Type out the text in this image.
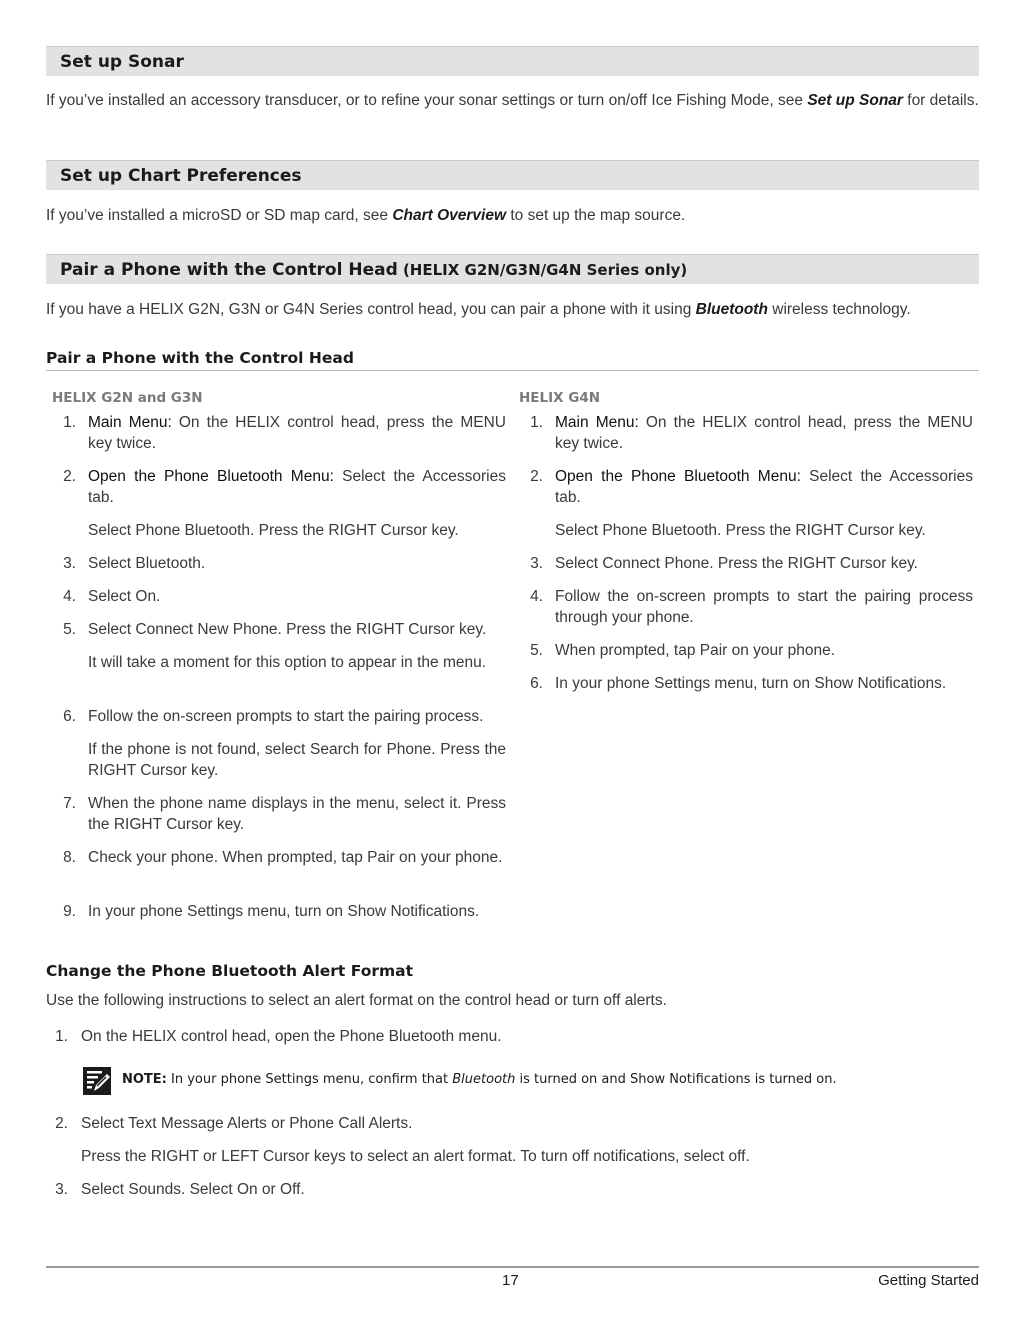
Set up Sonar
If you’ve installed an accessory transducer, or to refine your sonar settings or turn on/off Ice Fishing Mode, see Set up Sonar for details.
Set up Chart Preferences
If you’ve installed a microSD or SD map card, see Chart Overview to set up the map source.
Pair a Phone with the Control Head (HELIX G2N/G3N/G4N Series only)
If you have a HELIX G2N, G3N or G4N Series control head, you can pair a phone with it using Bluetooth wireless technology.
Pair a Phone with the Control Head
HELIX G2N and G3N	HELIX G4N
1. Main Menu: On the HELIX control head, press the MENU key twice.
2. Open the Phone Bluetooth Menu: Select the Accessories tab.
Select Phone Bluetooth. Press the RIGHT Cursor key.
3. Select Bluetooth.
4. Select On.
5. Select Connect New Phone. Press the RIGHT Cursor key.
It will take a moment for this option to appear in the menu.
6. Follow the on-screen prompts to start the pairing process.
If the phone is not found, select Search for Phone. Press the RIGHT Cursor key.
7. When the phone name displays in the menu, select it. Press the RIGHT Cursor key.
8. Check your phone. When prompted, tap Pair on your phone.
9. In your phone Settings menu, turn on Show Notifications.
1. Main Menu: On the HELIX control head, press the MENU key twice.
2. Open the Phone Bluetooth Menu: Select the Accessories tab.
Select Phone Bluetooth. Press the RIGHT Cursor key.
3. Select Connect Phone. Press the RIGHT Cursor key.
4. Follow the on-screen prompts to start the pairing process through your phone.
5. When prompted, tap Pair on your phone.
6. In your phone Settings menu, turn on Show Notifications.
Change the Phone Bluetooth Alert Format
Use the following instructions to select an alert format on the control head or turn off alerts.
1. On the HELIX control head, open the Phone Bluetooth menu.
2. Select Text Message Alerts or Phone Call Alerts.
Press the RIGHT or LEFT Cursor keys to select an alert format. To turn off notifications, select off.
3. Select Sounds. Select On or Off.
NOTE: In your phone Settings menu, confirm that Bluetooth is turned on and Show Notifications is turned on.
17	Getting Started
